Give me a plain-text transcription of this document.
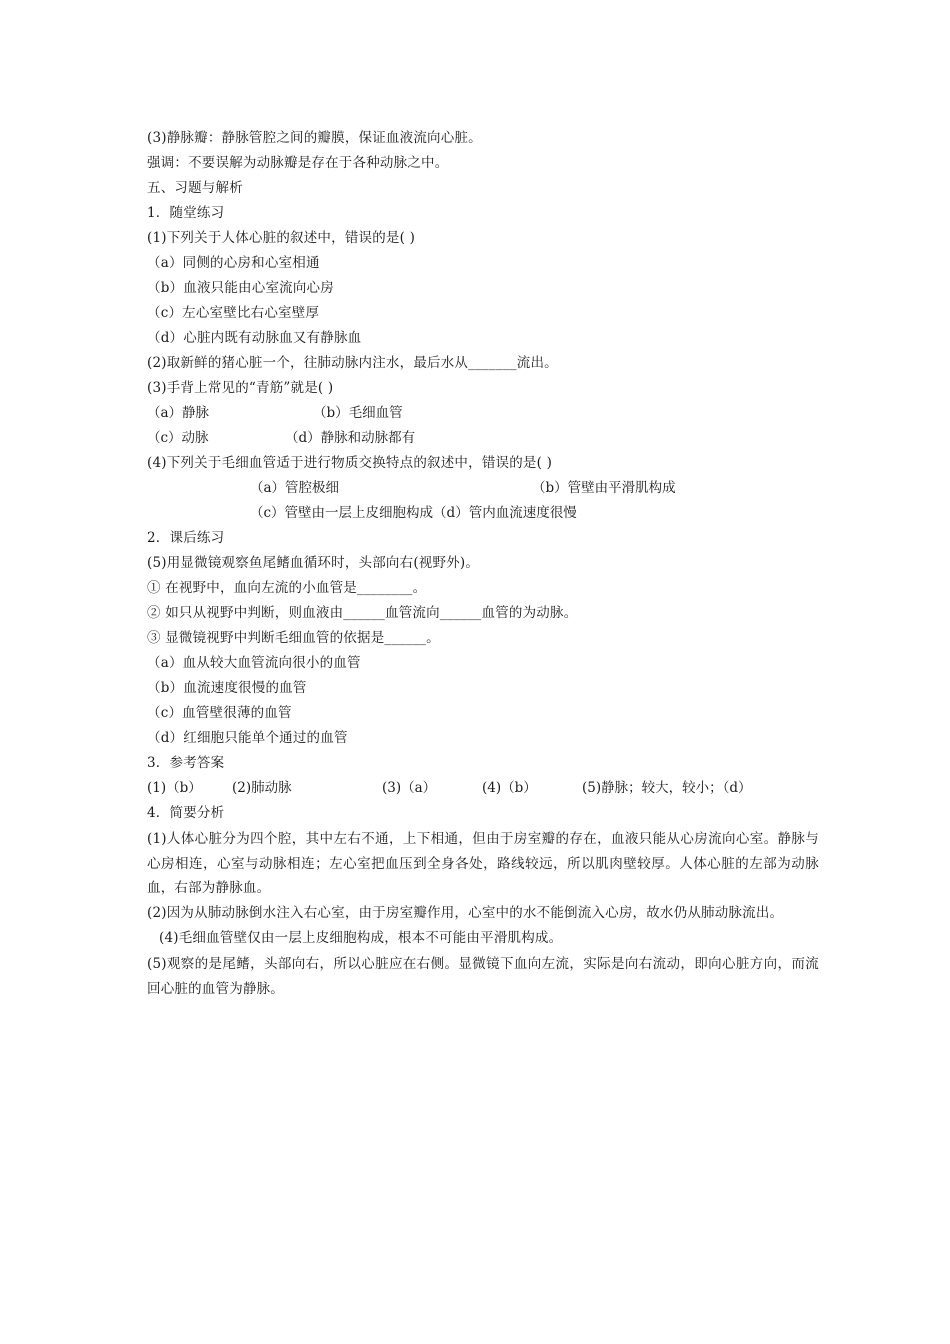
(3)静脉瓣：静脉管腔之间的瓣膜，保证血液流向心脏。
强调：不要误解为动脉瓣是存在于各种动脉之中。
五、习题与解析
1．随堂练习
(1)下列关于人体心脏的叙述中，错误的是( )
（a）同侧的心房和心室相通
（b）血液只能由心室流向心房
（c）左心室壁比右心室壁厚
（d）心脏内既有动脉血又有静脉血
(2)取新鲜的猪心脏一个，往肺动脉内注水，最后水从_______流出。
(3)手背上常见的“青筋”就是( )
（a）静脉	（b）毛细血管
（c）动脉	（d）静脉和动脉都有
(4)下列关于毛细血管适于进行物质交换特点的叙述中，错误的是( )
（a）管腔极细	（b）管壁由平滑肌构成
（c）管壁由一层上皮细胞构成（d）管内血流速度很慢
2．课后练习
(5)用显微镜观察鱼尾鳍血循环时，头部向右(视野外)。
① 在视野中，血向左流的小血管是________。
② 如只从视野中判断，则血液由______血管流向______血管的为动脉。
③ 显微镜视野中判断毛细血管的依据是______。
（a）血从较大血管流向很小的血管
（b）血流速度很慢的血管
（c）血管壁很薄的血管
（d）红细胞只能单个通过的血管
3．参考答案
(1)（b） (2)肺动脉	(3)（a）	(4)（b）	(5)静脉；较大，较小；（d）
4．简要分析
(1)人体心脏分为四个腔，其中左右不通，上下相通，但由于房室瓣的存在，血液只能从心房流向心室。静脉与心房相连，心室与动脉相连；左心室把血压到全身各处，路线较远，所以肌肉壁较厚。人体心脏的左部为动脉血，右部为静脉血。
(2)因为从肺动脉倒水注入右心室，由于房室瓣作用，心室中的水不能倒流入心房，故水仍从肺动脉流出。
(4)毛细血管壁仅由一层上皮细胞构成，根本不可能由平滑肌构成。
(5)观察的是尾鳍，头部向右，所以心脏应在右侧。显微镜下血向左流，实际是向右流动，即向心脏方向，而流回心脏的血管为静脉。
